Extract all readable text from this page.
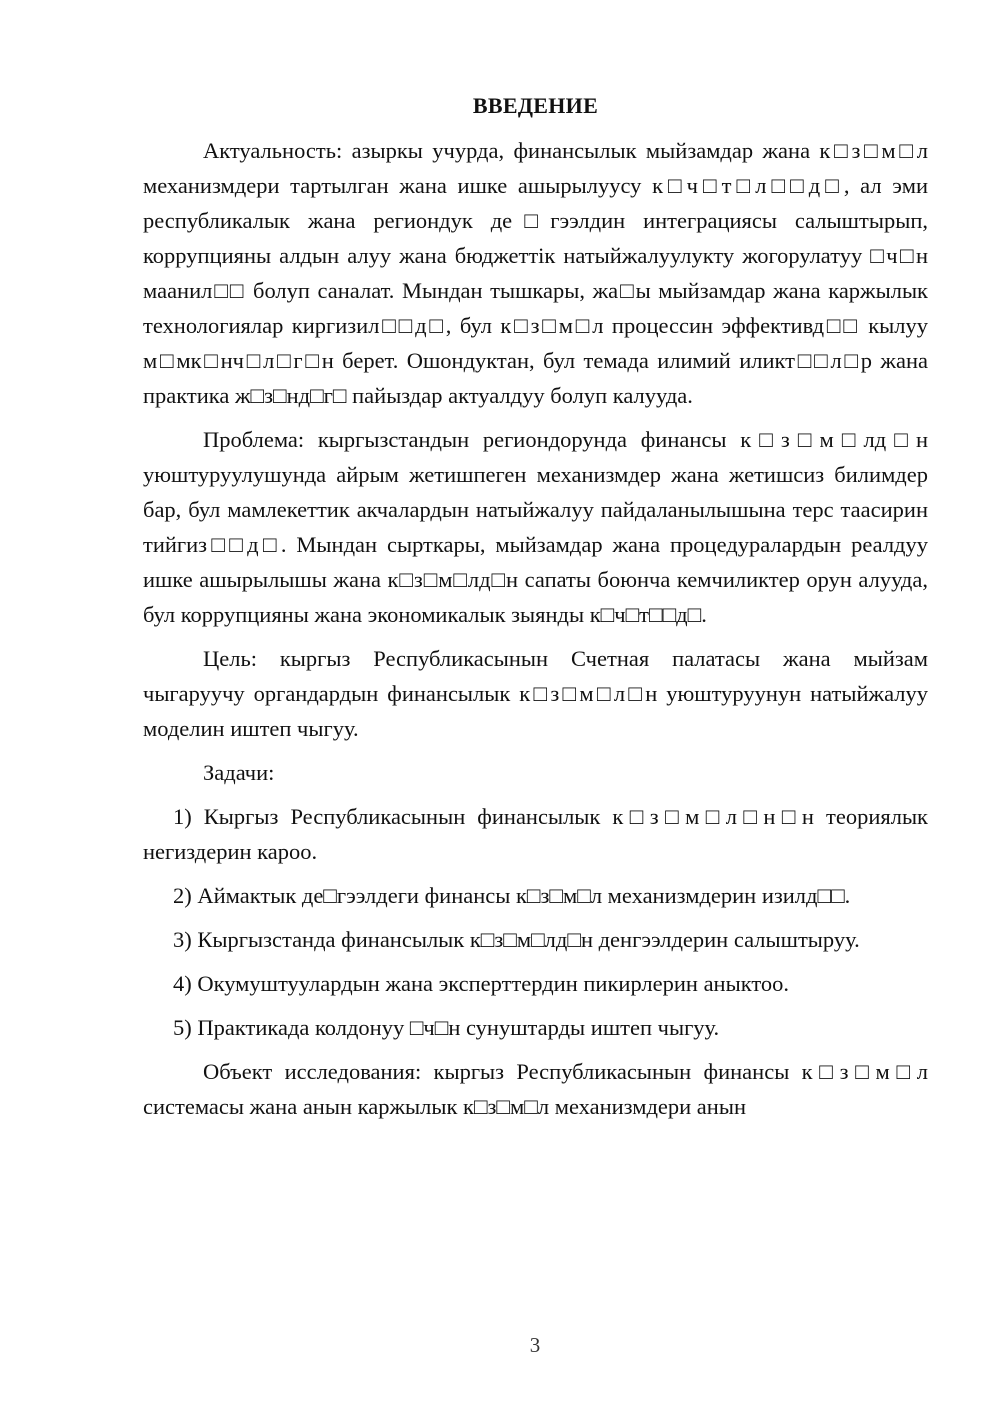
ВВЕДЕНИЕ

Актуальность: азыркы учурда, финансылык мыйзамдар жана к□з□м□л механизмдери тартылган жана ишке ашырылуусу к□ч□т□л□□д□, ал эми республикалык жана региондук де□гээлдин интеграциясы салыштырып, коррупцияны алдын алуу жана бюджеттік натыйжалуулукту жогорулатуу □ч□н маанил□□ болуп саналат. Мындан тышкары, жа□ы мыйзамдар жана каржылык технологиялар киргизил□□д□, бул к□з□м□л процессин эффективд□□ кылуу м□мк□нч□л□г□н берет. Ошондуктан, бул темада илимий иликт□□л□р жана практика ж□з□нд□г□ пайыздар актуалдуу болуп калууда.

Проблема: кыргызстандын региондорунда финансы к□з□м□лд□н уюштуруулушунда айрым жетишпеген механизмдер жана жетишсиз билимдер бар, бул мамлекеттик акчалардын натыйжалуу пайдаланылышына терс таасирин тийгиз□□д□. Мындан сырткары, мыйзамдар жана процедуралардын реалдуу ишке ашырылышы жана к□з□м□лд□н сапаты боюнча кемчиликтер орун алууда, бул коррупцияны жана экономикалык зыянды к□ч□т□□д□.

Цель: кыргыз Республикасынын Счетная палатасы жана мыйзам чыгаруучу органдардын финансылык к□з□м□л□н уюштуруунун натыйжалуу моделин иштеп чыгуу.

Задачи:

1) Кыргыз Республикасынын финансылык к□з□м□л□н□н теориялык негиздерин кароо.

2) Аймактык де□гээлдеги финансы к□з□м□л механизмдерин изилд□□.

3) Кыргызстанда финансылык к□з□м□лд□н денгээлдерин салыштыруу.

4) Окумуштуулардын жана эксперттердин пикирлерин аныктоо.

5) Практикада колдонуу □ч□н сунуштарды иштеп чыгуу.

Объект исследования: кыргыз Республикасынын финансы к□з□м□л системасы жана анын каржылык к□з□м□л механизмдери анын

3
